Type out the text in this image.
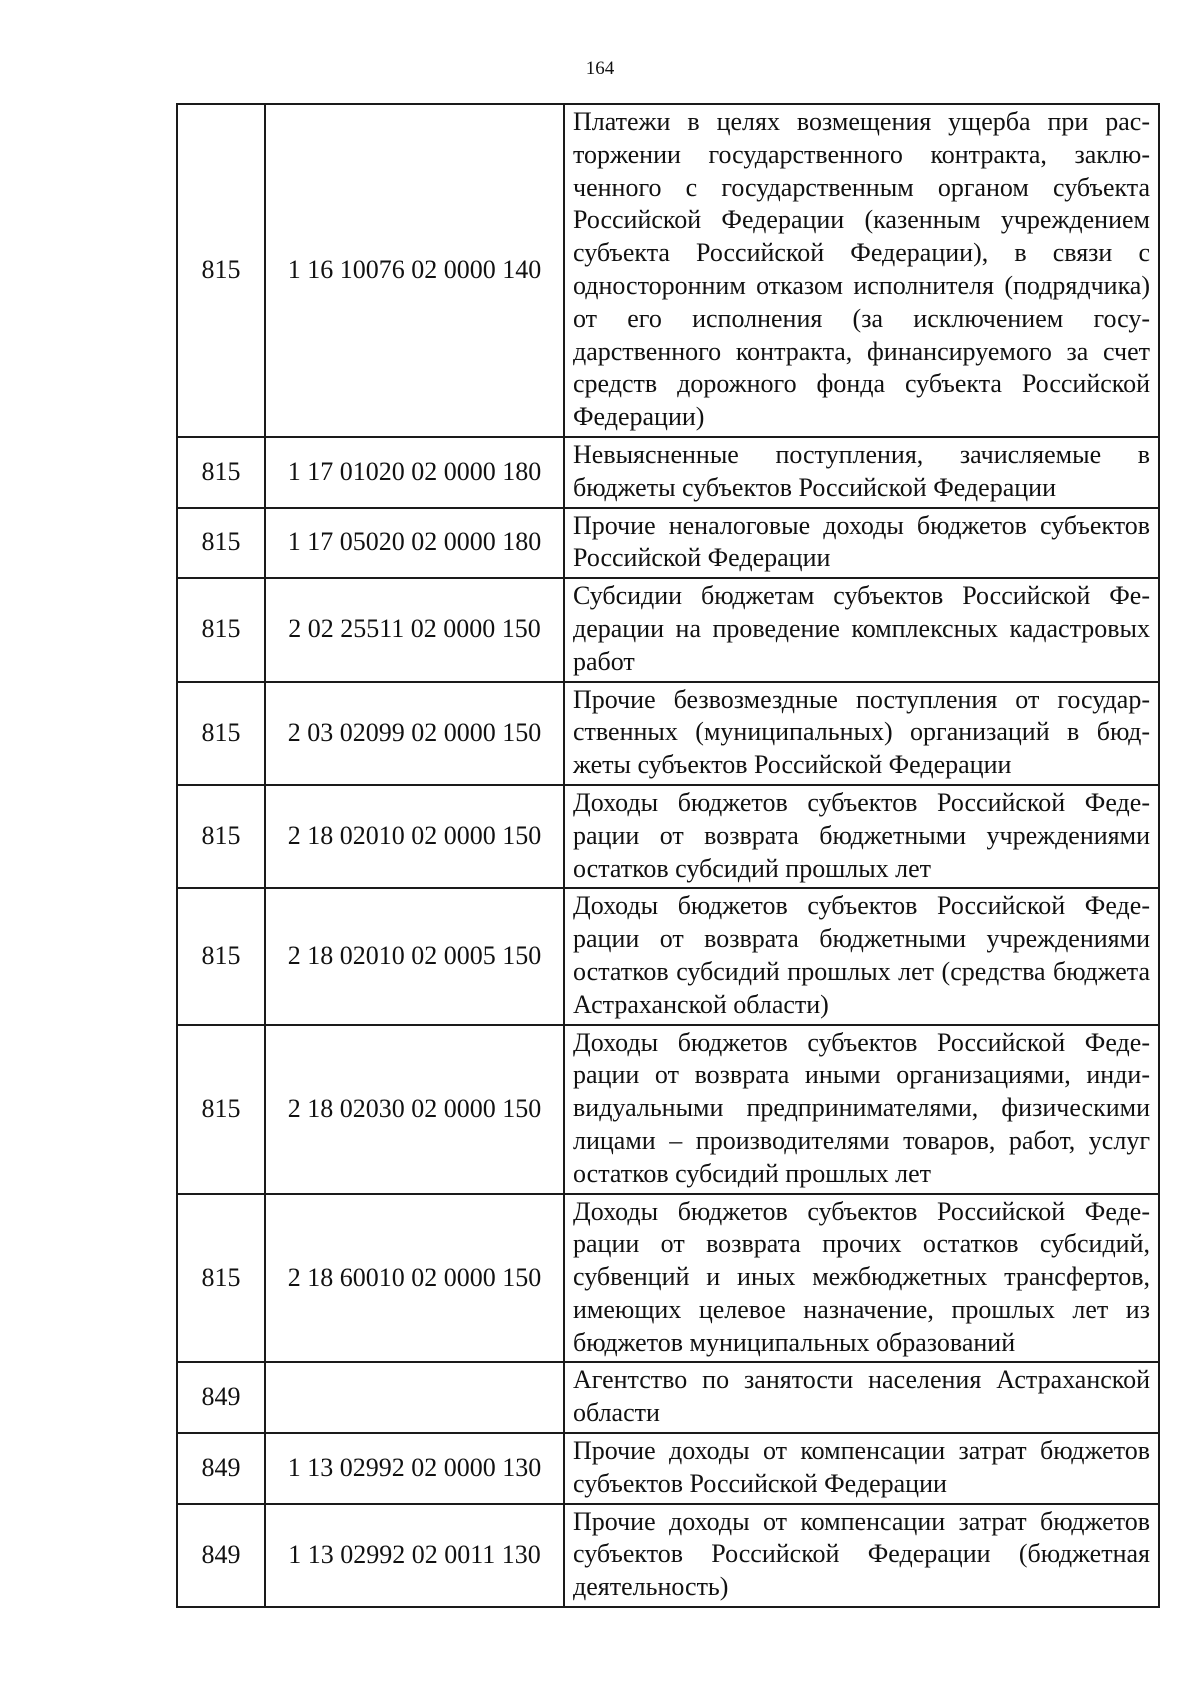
164
815	1 16 10076 02 0000 140	Платежи в целях возмещения ущерба при расторжении государственного контракта, заключенного с государственным органом субъекта Российской Федерации (казенным учреждением субъекта Российской Федерации), в связи с односторонним отказом исполнителя (подрядчика) от его исполнения (за исключением государственного контракта, финансируемого за счет средств дорожного фонда субъекта Российской Федерации)
815	1 17 01020 02 0000 180	Невыясненные поступления, зачисляемые в бюджеты субъектов Российской Федерации
815	1 17 05020 02 0000 180	Прочие неналоговые доходы бюджетов субъектов Российской Федерации
815	2 02 25511 02 0000 150	Субсидии бюджетам субъектов Российской Федерации на проведение комплексных кадастровых работ
815	2 03 02099 02 0000 150	Прочие безвозмездные поступления от государственных (муниципальных) организаций в бюджеты субъектов Российской Федерации
815	2 18 02010 02 0000 150	Доходы бюджетов субъектов Российской Федерации от возврата бюджетными учреждениями остатков субсидий прошлых лет
815	2 18 02010 02 0005 150	Доходы бюджетов субъектов Российской Федерации от возврата бюджетными учреждениями остатков субсидий прошлых лет (средства бюджета Астраханской области)
815	2 18 02030 02 0000 150	Доходы бюджетов субъектов Российской Федерации от возврата иными организациями, индивидуальными предпринимателями, физическими лицами – производителями товаров, работ, услуг остатков субсидий прошлых лет
815	2 18 60010 02 0000 150	Доходы бюджетов субъектов Российской Федерации от возврата прочих остатков субсидий, субвенций и иных межбюджетных трансфертов, имеющих целевое назначение, прошлых лет из бюджетов муниципальных образований
849		Агентство по занятости населения Астраханской области
849	1 13 02992 02 0000 130	Прочие доходы от компенсации затрат бюджетов субъектов Российской Федерации
849	1 13 02992 02 0011 130	Прочие доходы от компенсации затрат бюджетов субъектов Российской Федерации (бюджетная деятельность)
